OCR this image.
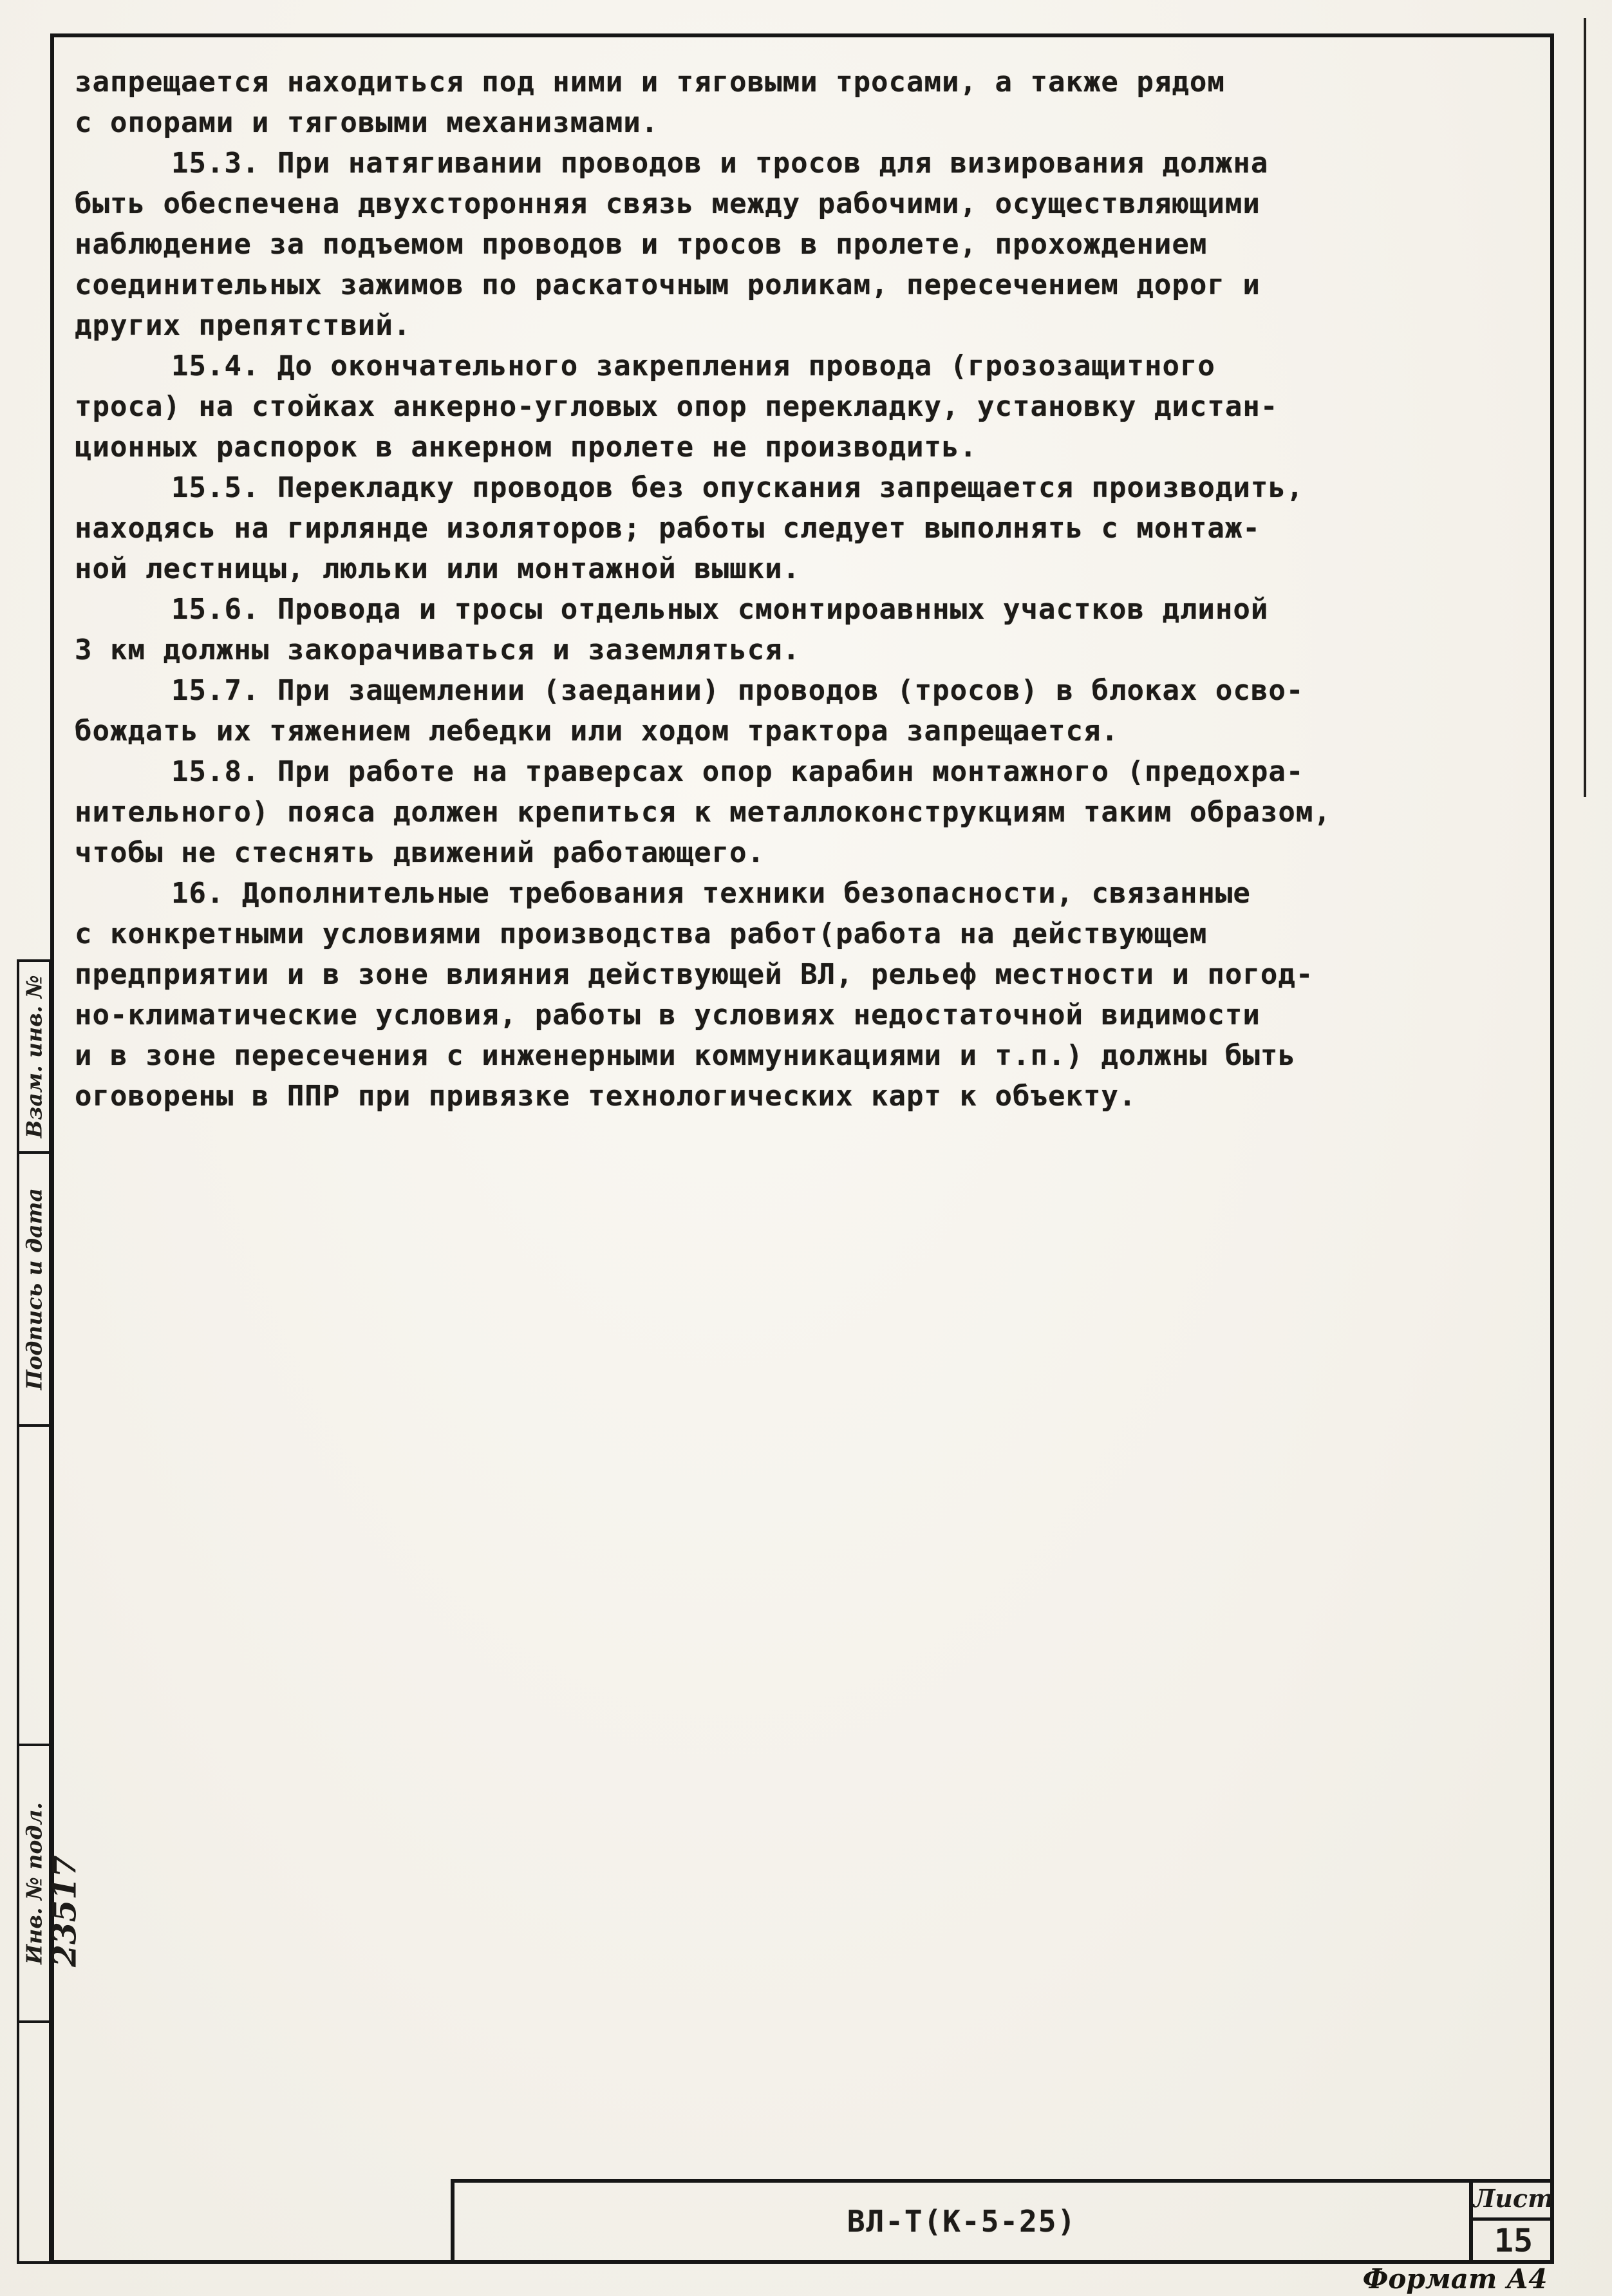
запрещается находиться под ними и тяговыми тросами, а также рядом
с опорами и тяговыми механизмами.
15.3. При натягивании проводов и тросов для визирования должна
быть обеспечена двухсторонняя связь между рабочими, осуществляющими
наблюдение за подъемом проводов и тросов в пролете, прохождением
соединительных зажимов по раскаточным роликам, пересечением дорог и
других препятствий.
15.4. До окончательного закрепления провода (грозозащитного
троса) на стойках анкерно-угловых опор перекладку, установку дистан-
ционных распорок в анкерном пролете не производить.
15.5. Перекладку проводов без опускания запрещается производить,
находясь на гирлянде изоляторов; работы следует выполнять с монтаж-
ной лестницы, люльки или монтажной вышки.
15.6. Провода и тросы отдельных смонтироавнных участков длиной
3 км должны закорачиваться и заземляться.
15.7. При защемлении (заедании) проводов (тросов) в блоках осво-
бождать их тяжением лебедки или ходом трактора запрещается.
15.8. При работе на траверсах опор карабин монтажного (предохра-
нительного) пояса должен крепиться к металлоконструкциям таким образом,
чтобы не стеснять движений работающего.
16. Дополнительные требования техники безопасности, связанные
с конкретными условиями производства работ(работа на действующем
предприятии и в зоне влияния действующей ВЛ, рельеф местности и погод-
но-климатические условия, работы в условиях недостаточной видимости
и в зоне пересечения с инженерными коммуникациями и т.п.) должны быть
оговорены в ППР при привязке технологических карт к объекту.
Взам. инв. №
Подпись и дата
Инв. № подл.
23517
ВЛ-Т(К-5-25)
Лист
15
Формат А4
